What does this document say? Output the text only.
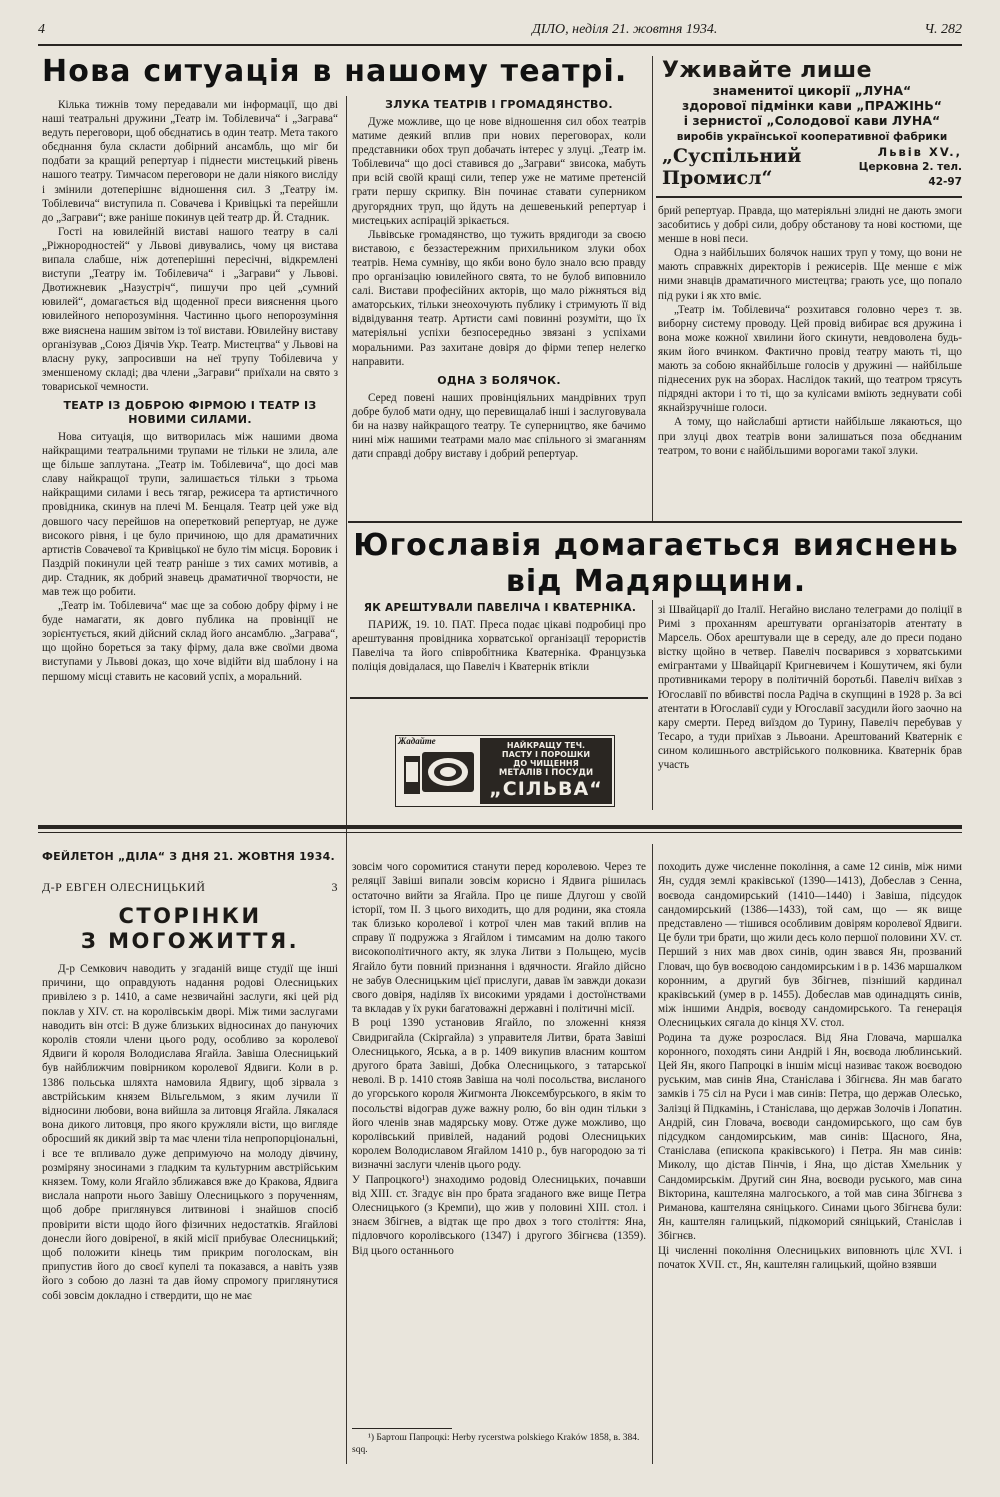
4	ДІЛО, неділя 21. жовтня 1934.	Ч. 282
Нова ситуація в нашому театрі.

Кілька тижнів тому передавали ми інформації, що дві наші театральні дружини „Театр ім. Тобілевича“ і „Заграва“ ведуть переговори, щоб обєднатись в один театр. Мета такого обєднання була скласти добірний ансамбль, що міг би подбати за кращий репертуар і піднести мистецький рівень нашого театру. Тимчасом переговори не дали ніякого висліду і змінили дотеперішнє відношення сил. З „Театру ім. Тобілевича“ виступила п. Совачева і Кривіцькі та перейшли до „Заграви“; вже раніше покинув цей театр др. Й. Стадник.

Гості на ювилейній виставі нашого театру в салі „Ріжнородностей“ у Львові дивувались, чому ця вистава випала слабше, ніж дотеперішні пересічні, відкремлені виступи „Театру ім. Тобілевича“ і „Заграви“ у Львові. Двотижневик „Назустріч“, пишучи про цей „сумний ювилей“, домагається від щоденної преси вияснення цього ювилейного непорозуміння. Частинно цього непорозуміння вже вияснена нашим звітом із тої вистави. Ювилейну виставу організував „Союз Діячів Укр. Театр. Мистецтва“ у Львові на власну руку, запросивши на неї трупу Тобілевича у зменшеному складі; два члени „Заграви“ приїхали на свято з товариської чемности.

ТЕАТР ІЗ ДОБРОЮ ФІРМОЮ І ТЕАТР ІЗ НОВИМИ СИЛАМИ.

Нова ситуація, що витворилась між нашими двома найкращими театральними трупами не тільки не злила, але ще більше заплутана. „Театр ім. Тобілевича“, що досі мав славу найкращої трупи, залишається тільки з трьома найкращими силами і весь тягар, режисера та артистичного провідника, скинув на плечі М. Бенцаля. Театр цей уже від довшого часу перейшов на оперетковий репертуар, не дуже високого рівня, і це було причиною, що для драматичних артистів Совачевої та Кривіцької не було тім місця. Боровик і Паздрій покинули цей театр раніше з тих самих мотивів, а дир. Стадник, як добрий знавець драматичної творчости, не мав теж що робити.

„Театр ім. Тобілевича“ має ще за собою добру фірму і не буде намагати, як довго публика на провінції не зорієнтується, який дійсний склад його ансамблю. „Заграва“, що щойно бореться за таку фірму, дала вже своїми двома виступами у Львові доказ, що хоче відійти від шаблону і на першому місці ставить не касовий успіх, а моральний.

ЗЛУКА ТЕАТРІВ І ГРОМАДЯНСТВО.

Дуже можливе, що це нове відношення сил обох театрів матиме деякий вплив при нових переговорах, коли представники обох труп добачать інтерес у злуці. „Театр ім. Тобілевича“ що досі ставився до „Заграви“ звисока, мабуть при всій своїй кращі сили, тепер уже не матиме претенсій грати першу скрипку. Він починає ставати суперником другорядних труп, що йдуть на дешевенький репертуар і мистецьких аспірацій зрікається.

Львівське громадянство, що тужить врядигоди за своєю виставою, є беззастережним прихильником злуки обох театрів. Нема сумніву, що якби воно було знало всю правду про організацію ювилейного свята, то не булоб виповнило салі. Вистави професійних акторів, що мало ріжняться від аматорських, тільки знеохочують публику і стримують її від відвідування театр. Артисти самі повинні розуміти, що їх матеріяльні успіхи безпосередньо звязані з успіхами моральними. Раз захитане довіря до фірми тепер нелегко направити.

ОДНА З БОЛЯЧОК.

Серед повені наших провінціяльних мандрівних труп добре булоб мати одну, що перевищалаб інші і заслуговувала би на назву найкращого театру. Те суперництво, яке бачимо нині між нашими театрами мало має спільного зі змаганням дати справді добру виставу і добрий репертуар.

Уживайте лише
знаменитої цикорії „ЛУНА“
здорової підмінки кави „ПРАЖІНЬ“
і зернистої „Солодової кави ЛУНА“
виробів української кооперативної фабрики
„Суспільний Промисл“
Львів XV.,
Церковна 2. тел. 42-97

брий репертуар. Правда, що матеріяльні злидні не дають змоги засобитись у добрі сили, добру обстанову та нові костюми, ще менше в нові песи.

Одна з найбільших болячок наших труп у тому, що вони не мають справжніх директорів і режисерів. Ще менше є між ними знавців драматичного мистецтва; грають усе, що попало під руки і як хто вміє.

„Театр ім. Тобілевича“ розхитався головно через т. зв. виборну систему проводу. Цей провід вибирає вся дружина і вона може кожної хвилини його скинути, невдоволена будь-яким його вчинком. Фактично провід театру мають ті, що мають за собою якнайбільше голосів у дружині — найбільше піднесених рук на зборах. Наслідок такий, що театром трясуть підрядні актори і то ті, що за кулісами вміють зеднувати собі якнайзручніше голоси.

А тому, що найслабші артисти найбільше лякаються, що при злуці двох театрів вони залишаться поза обєднаним театром, то вони є найбільшими ворогами такої злуки.

Югославія домагається вияснень
від Мадярщини.
ЯК АРЕШТУВАЛИ ПАВЕЛІЧА І КВАТЕРНІКА.

ПАРИЖ, 19. 10. ПАТ. Преса подає цікаві подробиці про арештування провідника хорватської організації терористів Павеліча та його співробітника Кватерніка. Французька поліція довідалася, що Павеліч і Кватернік втікли

зі Швайцарії до Італії. Негайно вислано телеграми до поліції в Римі з проханням арештувати організаторів атентату в Марсель. Обох арештували ще в середу, але до преси подано вістку щойно в четвер. Павеліч посварився з хорватськими емігрантами у Швайцарії Кригневичем і Кошутичем, які були противниками терору в політичній боротьбі. Павеліч виїхав з Югославії по вбивстві посла Радіча в скупщині в 1928 р. За всі атентати в Югославії суди у Югославії засудили його заочно на кару смерти. Перед виїздом до Турину, Павеліч перебував у Тесаро, а туди приїхав з Львоани. Арештований Кватернік є сином колишнього австрійського полковника. Кватернік брав участь

Жадайте	НАЙКРАЩУ ТЕЧ.
ПАСТУ І ПОРОШКИ
ДО ЧИЩЕННЯ
МЕТАЛІВ І ПОСУДИ
„СІЛЬВА“
ФЕЙЛЕТОН „ДІЛА“ З ДНЯ 21. ЖОВТНЯ 1934.
Д-Р ЕВГЕН ОЛЕСНИЦЬКИЙ	3
СТОРІНКИ
З МОГОЖИТТЯ.

Д-р Семкович наводить у згаданій вище студії ще інші причини, що оправдують надання родові Олесницьких привілею з р. 1410, а саме незвичайні заслуги, які цей рід поклав у XIV. ст. на королівськім дворі. Між тими заслугами наводить він отсі: В дуже близьких відносинах до пануючих королів стояли члени цього роду, особливо за королевої Ядвиги й короля Володислава Ягайла. Завіша Олесницький був найближчим повірником королевої Ядвиги. Коли в р. 1386 польська шляхта намовила Ядвигу, щоб зірвала з австрійським князем Вільгельмом, з яким лучили її відносини любови, вона вийшла за литовця Ягайла. Лякалася вона дикого литовця, про якого кружляли вісти, що вигляде обросший як дикий звір та має члени тіла непропорціональні, і все те впливало дуже депримуючо на молоду дівчину, розміряну зносинами з гладким та культурним австрійським князем. Тому, коли Ягайло зближався вже до Кракова, Ядвига вислала напроти нього Завішу Олесницького з порученням, щоб добре приглянувся литвинові і знайшов спосіб провірити вісти щодо його фізичних недостатків. Ягайлові донесли його довіреної, в якій місії прибуває Олесницький; щоб положити кінець тим прикрим поголоскам, він припустив його до своєї купелі та показався, а навіть узяв його з собою до лазні та дав йому спромогу приглянутися собі зовсім докладно і ствердити, що не має

зовсім чого соромитися станути перед королевою. Через те реляції Завіші випали зовсім корисно і Ядвига рішилась остаточно вийти за Ягайла. Про це пише Длугош у своїй історії, том II. З цього виходить, що для родини, яка стояла так близько королевої і котрої член мав такий вплив на справу її подружжа з Ягайлом і тимсамим на долю такого високополітичного акту, як злука Литви з Польщею, мусів Ягайло бути повний признання і вдячности. Ягайло дійсно не забув Олесницьким цієї прислуги, давав їм завжди докази свого довіря, наділяв їх високими урядами і достоїнствами та вкладав у їх руки багатоважні державні і політичні місії.
В році 1390 установив Ягайло, по зложенні князя Свидригайла (Скіргайла) з управителя Литви, брата Завіші Олесницького, Яська, а в р. 1409 викупив власним коштом другого брата Завіші, Добка Олесницького, з татарської неволі. В р. 1410 стояв Завіша на чолі посольства, висланого до угорського короля Жигмонта Люксембурського, в якім то посольстві відограв дуже важну ролю, бо він один тільки з його членів знав мадярську мову. Отже дуже можливо, що королівський привілей, наданий родові Олесницьких королем Володиславом Ягайлом 1410 р., був нагородою за ті визначні заслуги членів цього роду.
У Папроцкого¹) знаходимо родовід Олесницьких, почавши від XIII. ст. Згадує він про брата згаданого вже вище Петра Олесницького (з Кремпи), що жив у половині XIII. стол. і знаєм Збігнев, а відтак ще про двох з того століття: Яна, підловчого королівського (1347) і другого Збігнєва (1359). Від цього останнього

¹) Бартош Папроцкі: Herby rycerstwa polskiego Kraków 1858, в. 384. sqq.

походить дуже численне покоління, а саме 12 синів, між ними Ян, суддя землі краківської (1390—1413), Добеслав з Сенна, воєвода сандомирський (1410—1440) і Завіша, підсудок сандомирський (1386—1433), той сам, що — як вище представлено — тішився особливим довірям королевої Ядвиги. Це були три брати, що жили десь коло першої половини XV. ст. Перший з них мав двох синів, один звався Ян, прозваний Гловач, що був воєводою сандомирським і в р. 1436 маршалком коронним, а другий був Збігнев, пізніший кардинал краківський (умер в р. 1455). Добеслав мав одинадцять синів, між іншими Андрія, воєводу сандомирського. Та генерація Олесницьких сягала до кінця XV. стол.
Родина та дуже розрослася. Від Яна Гловача, маршалка коронного, походять сини Андрій і Ян, воєвода люблинський. Цей Ян, якого Папроцкі в іншім місці називає також воєводою руським, мав синів Яна, Станіслава і Збігнєва. Ян мав багато замків і 75 сіл на Руси і мав синів: Петра, що держав Олесько, Залізці й Підкамінь, і Станіслава, що держав Золочів і Лопатин. Андрій, син Гловача, воєводи сандомирського, що сам був підсудком сандомирським, мав синів: Щасного, Яна, Станіслава (епископа краківського) і Петра. Ян мав синів: Миколу, що дістав Пінчів, і Яна, що дістав Хмельник у Сандомирськім. Другий син Яна, воєводи руського, мав сина Вікторина, каштеляна малгоського, а той мав сина Збігнєва з Риманова, каштеляна сяніцького. Синами цього Збігнєва були: Ян, каштелян галицький, підкоморий сяніцький, Станіслав і Збігнєв.
Ці численні покоління Олесницьких виповнють цілє XVI. і початок XVII. ст., Ян, каштелян галицький, щойно взявши
